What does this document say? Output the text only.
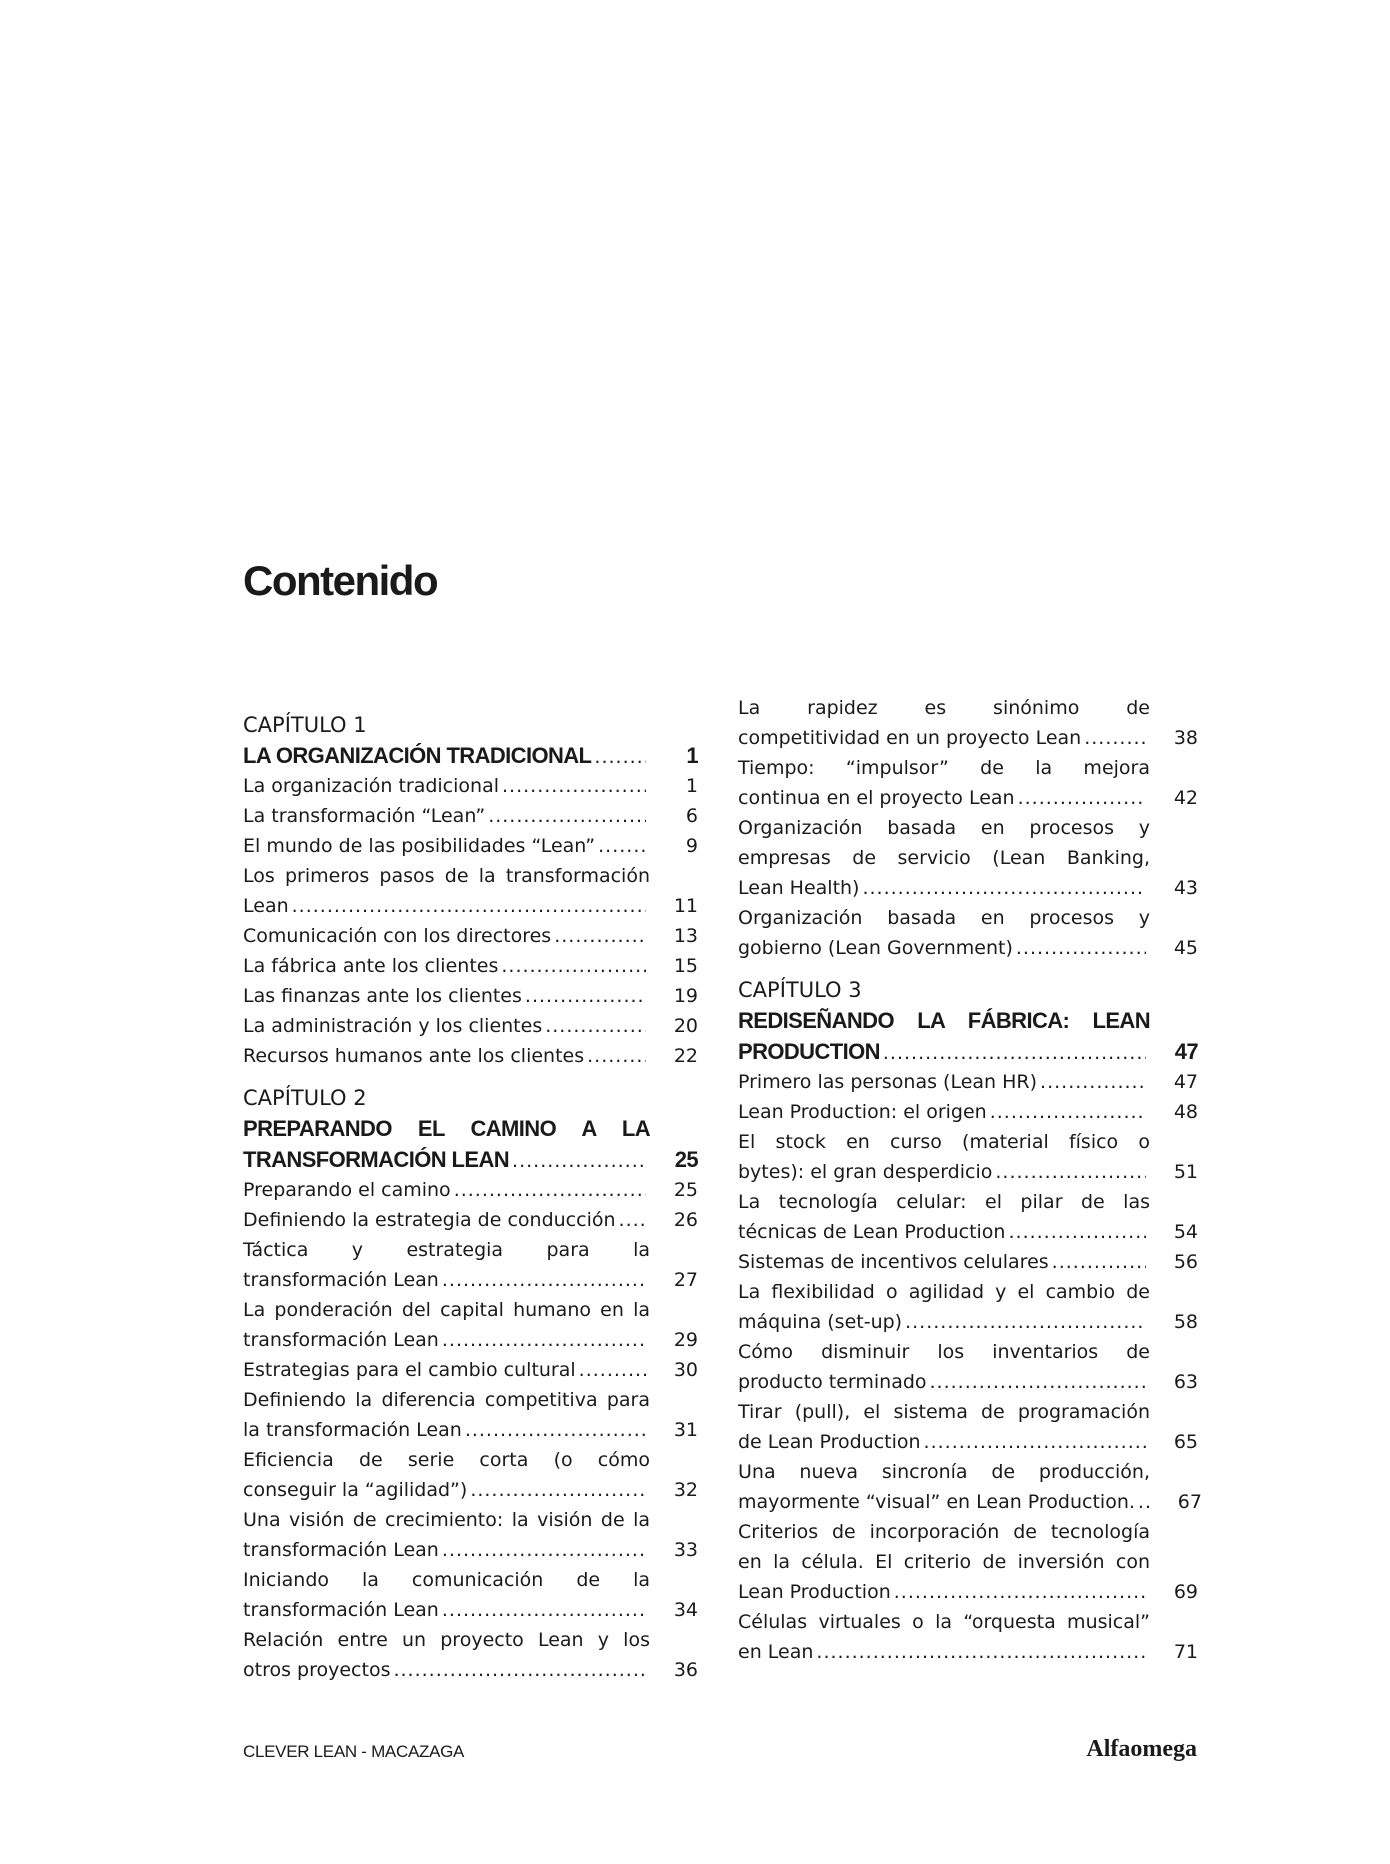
Contenido
CAPÍTULO 1
LA ORGANIZACIÓN TRADICIONAL .....	1
La organización tradicional .....	1
La transformación “Lean” .....	6
El mundo de las posibilidades “Lean” .....	9
Los primeros pasos de la transformación
Lean .....	11
Comunicación con los directores .....	13
La fábrica ante los clientes .....	15
Las finanzas ante los clientes .....	19
La administración y los clientes .....	20
Recursos humanos ante los clientes .....	22
CAPÍTULO 2
PREPARANDO EL CAMINO A LA
TRANSFORMACIÓN LEAN .....	25
Preparando el camino .....	25
Definiendo la estrategia de conducción .....	26
Táctica y estrategia para la
transformación Lean .....	27
La ponderación del capital humano en la
transformación Lean .....	29
Estrategias para el cambio cultural .....	30
Definiendo la diferencia competitiva para
la transformación Lean .....	31
Eficiencia de serie corta (o cómo
conseguir la “agilidad”) .....	32
Una visión de crecimiento: la visión de la
transformación Lean .....	33
Iniciando la comunicación de la
transformación Lean .....	34
Relación entre un proyecto Lean y los
otros proyectos .....	36
La rapidez es sinónimo de
competitividad en un proyecto Lean .....	38
Tiempo: “impulsor” de la mejora
continua en el proyecto Lean .....	42
Organización basada en procesos y
empresas de servicio (Lean Banking,
Lean Health) .....	43
Organización basada en procesos y
gobierno (Lean Government) .....	45
CAPÍTULO 3
REDISEÑANDO LA FÁBRICA: LEAN
PRODUCTION .....	47
Primero las personas (Lean HR) .....	47
Lean Production: el origen .....	48
El stock en curso (material físico o
bytes): el gran desperdicio .....	51
La tecnología celular: el pilar de las
técnicas de Lean Production .....	54
Sistemas de incentivos celulares .....	56
La flexibilidad o agilidad y el cambio de
máquina (set-up) .....	58
Cómo disminuir los inventarios de
producto terminado .....	63
Tirar (pull), el sistema de programación
de Lean Production .....	65
Una nueva sincronía de producción,
mayormente “visual” en Lean Production. .....	67
Criterios de incorporación de tecnología
en la célula. El criterio de inversión con
Lean Production .....	69
Células virtuales o la “orquesta musical”
en Lean .....	71
CLEVER LEAN - MACAZAGA	Alfaomega
